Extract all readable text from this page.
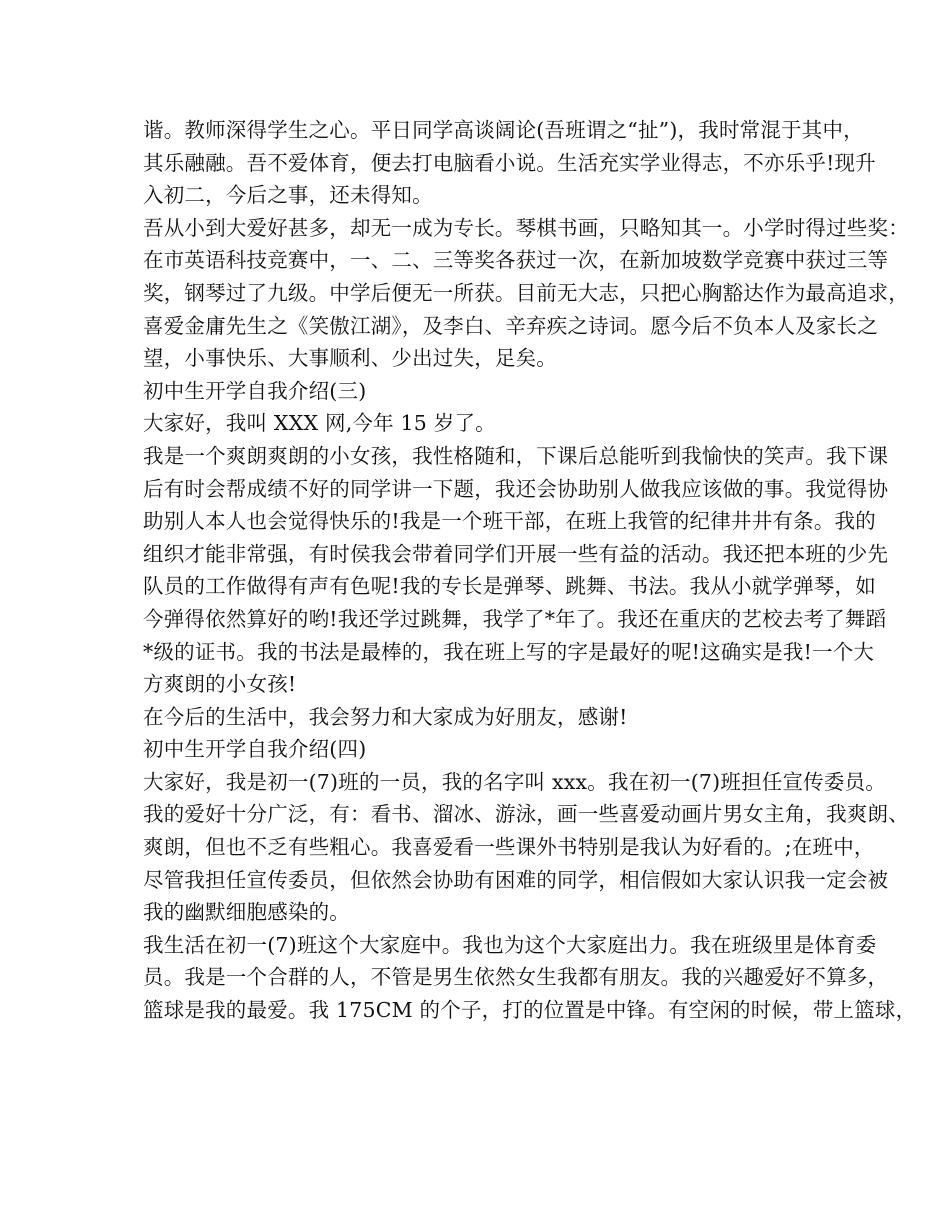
谐。教师深得学生之心。平日同学高谈阔论(吾班谓之“扯”)，我时常混于其中，
其乐融融。吾不爱体育，便去打电脑看小说。生活充实学业得志，不亦乐乎!现升
入初二，今后之事，还未得知。
吾从小到大爱好甚多，却无一成为专长。琴棋书画，只略知其一。小学时得过些奖：
在市英语科技竞赛中，一、二、三等奖各获过一次，在新加坡数学竞赛中获过三等
奖，钢琴过了九级。中学后便无一所获。目前无大志，只把心胸豁达作为最高追求，
喜爱金庸先生之《笑傲江湖》，及李白、辛弃疾之诗词。愿今后不负本人及家长之
望，小事快乐、大事顺利、少出过失，足矣。
初中生开学自我介绍(三)
大家好，我叫 XXX 网,今年 15 岁了。
我是一个爽朗爽朗的小女孩，我性格随和，下课后总能听到我愉快的笑声。我下课
后有时会帮成绩不好的同学讲一下题，我还会协助别人做我应该做的事。我觉得协
助别人本人也会觉得快乐的!我是一个班干部，在班上我管的纪律井井有条。我的
组织才能非常强，有时侯我会带着同学们开展一些有益的活动。我还把本班的少先
队员的工作做得有声有色呢!我的专长是弹琴、跳舞、书法。我从小就学弹琴，如
今弹得依然算好的哟!我还学过跳舞，我学了*年了。我还在重庆的艺校去考了舞蹈
*级的证书。我的书法是最棒的，我在班上写的字是最好的呢!这确实是我!一个大
方爽朗的小女孩!
在今后的生活中，我会努力和大家成为好朋友，感谢!
初中生开学自我介绍(四)
大家好，我是初一(7)班的一员，我的名字叫 xxx。我在初一(7)班担任宣传委员。
我的爱好十分广泛，有：看书、溜冰、游泳，画一些喜爱动画片男女主角，我爽朗、
爽朗，但也不乏有些粗心。我喜爱看一些课外书特别是我认为好看的。;在班中，
尽管我担任宣传委员，但依然会协助有困难的同学，相信假如大家认识我一定会被
我的幽默细胞感染的。
我生活在初一(7)班这个大家庭中。我也为这个大家庭出力。我在班级里是体育委
员。我是一个合群的人，不管是男生依然女生我都有朋友。我的兴趣爱好不算多，
篮球是我的最爱。我 175CM 的个子，打的位置是中锋。有空闲的时候，带上篮球，
